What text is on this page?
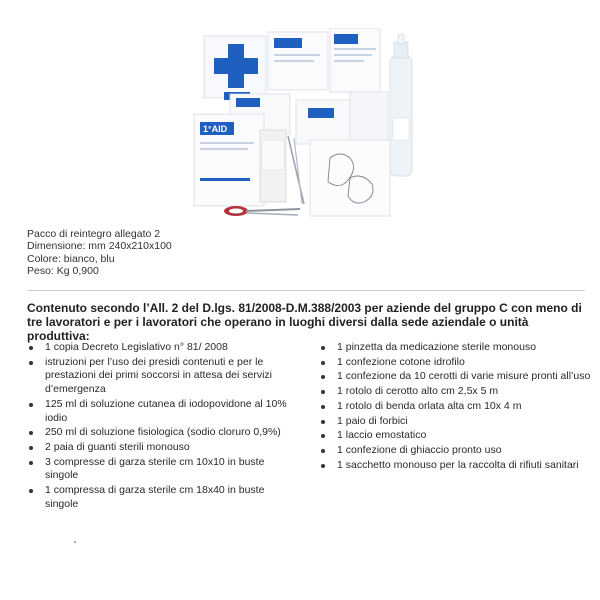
1°AID
Pacco di reintegro allegato 2
Dimensione: mm 240x210x100
Colore: bianco, blu
Peso: Kg 0,900
Contenuto secondo l’All. 2 del D.lgs. 81/2008-D.M.388/2003 per aziende del gruppo C con meno di tre lavoratori e per i lavoratori che operano in luoghi diversi dalla sede aziendale o unità produttiva:
1 copia Decreto Legislativo n° 81/ 2008
istruzioni per l’uso dei presidi contenuti e per le prestazioni dei primi soccorsi in attesa dei servizi d’emergenza
125 ml di soluzione cutanea di iodopovidone al 10% iodio
250 ml di soluzione fisiologica (sodio cloruro 0,9%)
2 paia di guanti sterili monouso
3 compresse di garza sterile cm 10x10 in buste singole
1 compressa di garza sterile cm 18x40 in buste singole
1 pinzetta da medicazione sterile monouso
1 confezione cotone idrofilo
1 confezione da 10 cerotti di varie misure pronti all’uso
1 rotolo di cerotto alto cm 2,5x 5 m
1 rotolo di benda orlata alta cm 10x 4 m
1 paio di forbici
1 laccio emostatico
1 confezione di ghiaccio pronto uso
1 sacchetto monouso per la raccolta di rifiuti sanitari
